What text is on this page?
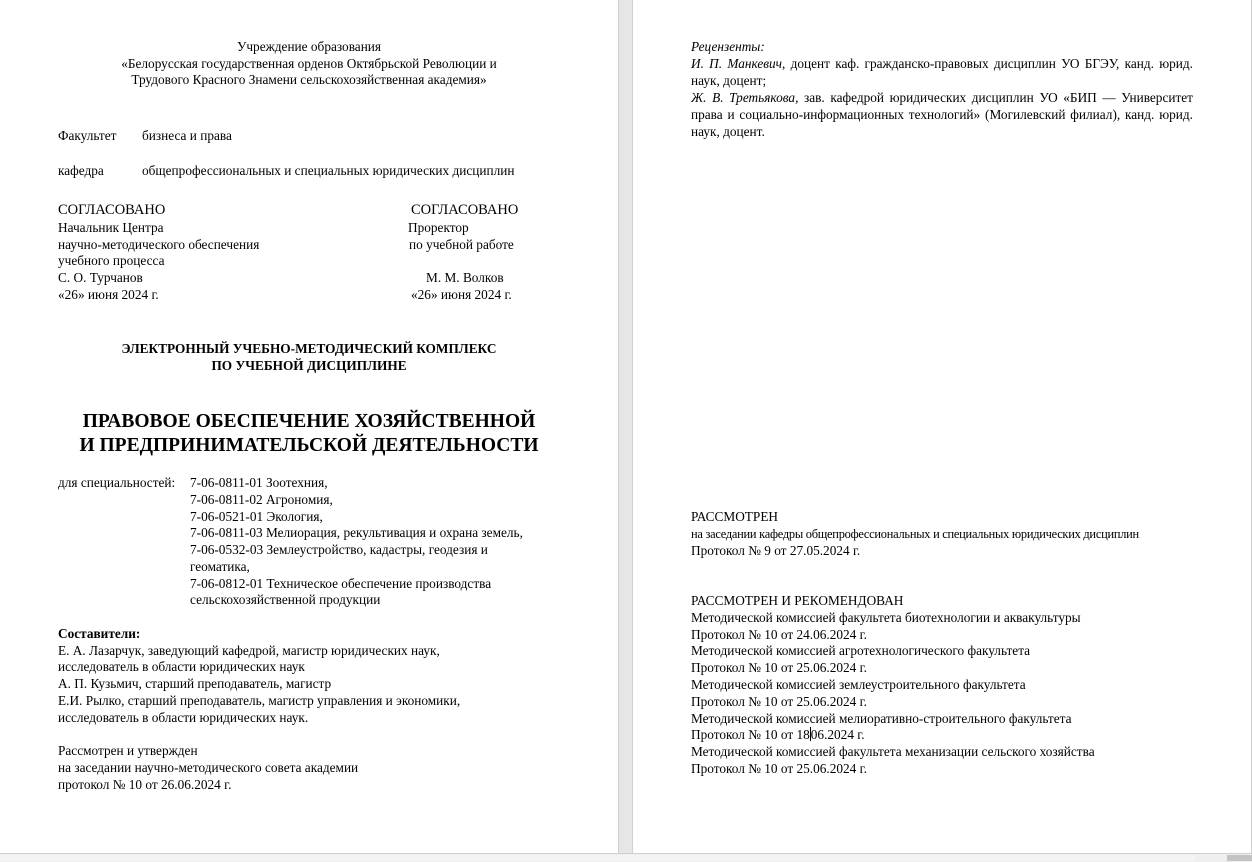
Учреждение образования
«Белорусская государственная орденов Октябрьской Революции и
Трудового Красного Знамени сельскохозяйственная академия»
Факультет бизнеса и права
кафедра	общепрофессиональных и специальных юридических дисциплин
СОГЛАСОВАНО
Начальник Центра
научно-методического обеспечения
учебного процесса
С. О. Турчанов
«26» июня 2024 г.
СОГЛАСОВАНО
Проректор
по учебной работе
М. М. Волков
«26» июня 2024 г.
ЭЛЕКТРОННЫЙ УЧЕБНО-МЕТОДИЧЕСКИЙ КОМПЛЕКС
ПО УЧЕБНОЙ ДИСЦИПЛИНЕ
ПРАВОВОЕ ОБЕСПЕЧЕНИЕ ХОЗЯЙСТВЕННОЙ
И ПРЕДПРИНИМАТЕЛЬСКОЙ ДЕЯТЕЛЬНОСТИ
для специальностей: 7-06-0811-01 Зоотехния,
7-06-0811-02 Агрономия,
7-06-0521-01 Экология,
7-06-0811-03 Мелиорация, рекультивация и охрана земель,
7-06-0532-03 Землеустройство, кадастры, геодезия и
геоматика,
7-06-0812-01 Техническое обеспечение производства
сельскохозяйственной продукции
Составители:
Е. А. Лазарчук, заведующий кафедрой, магистр юридических наук,
исследователь в области юридических наук
А. П. Кузьмич, старший преподаватель, магистр
Е.И. Рылко, старший преподаватель, магистр управления и экономики,
исследователь в области юридических наук.
Рассмотрен и утвержден
на заседании научно-методического совета академии
протокол № 10 от 26.06.2024 г.
Рецензенты:
И. П. Манкевич, доцент каф. гражданско-правовых дисциплин УО БГЭУ, канд. юрид. наук, доцент;
Ж. В. Третьякова, зав. кафедрой юридических дисциплин УО «БИП — Университет права и социально-информационных технологий» (Могилевский филиал), канд. юрид. наук, доцент.
РАССМОТРЕН
на заседании кафедры общепрофессиональных и специальных юридических дисциплин
Протокол № 9 от 27.05.2024 г.
РАССМОТРЕН И РЕКОМЕНДОВАН
Методической комиссией факультета биотехнологии и аквакультуры
Протокол № 10 от 24.06.2024 г.
Методической комиссией агротехнологического факультета
Протокол № 10 от 25.06.2024 г.
Методической комиссией землеустроительного факультета
Протокол № 10 от 25.06.2024 г.
Методической комиссией мелиоративно-строительного факультета
Протокол № 10 от 1806.2024 г.
Методической комиссией факультета механизации сельского хозяйства
Протокол № 10 от 25.06.2024 г.
